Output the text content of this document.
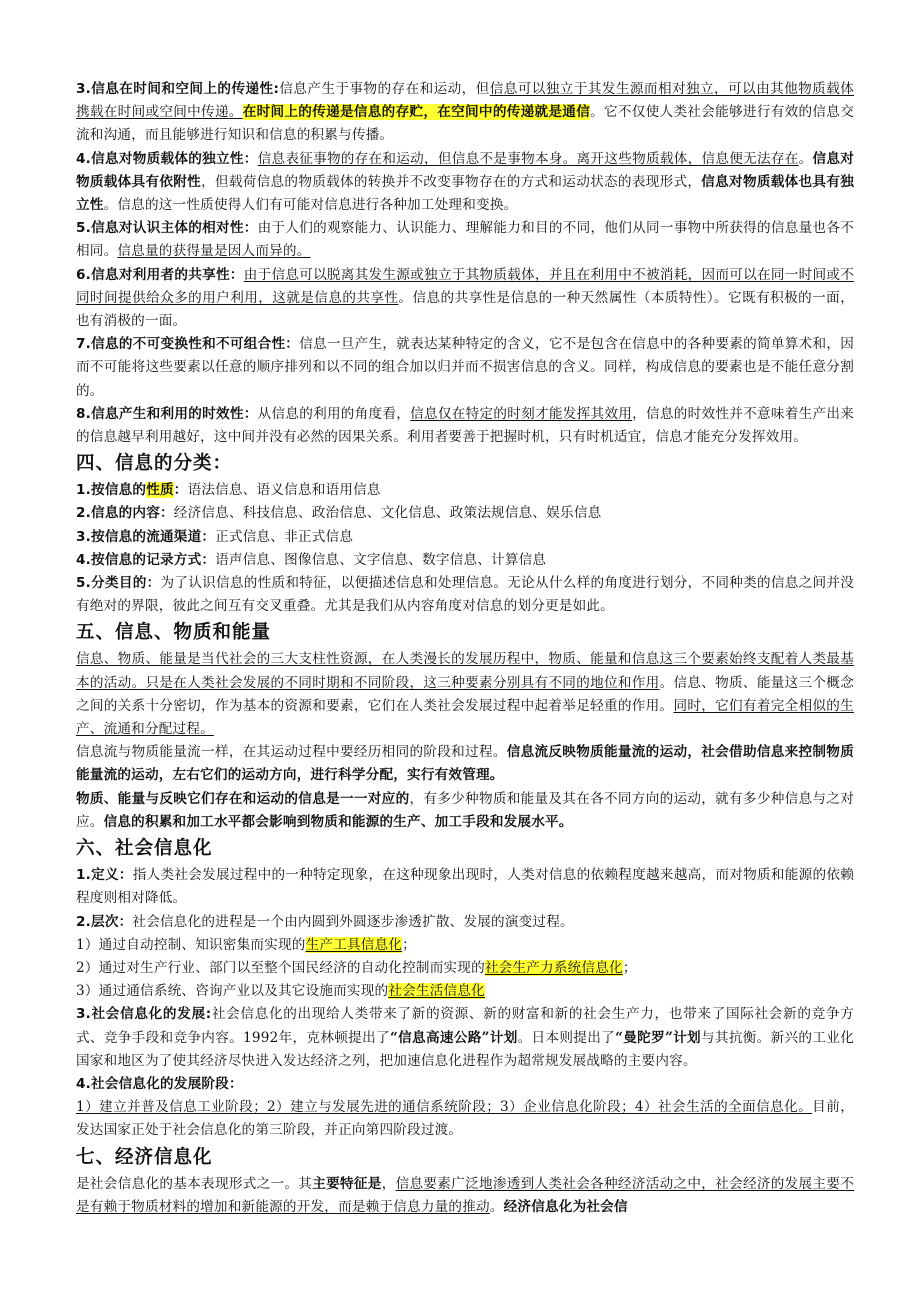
3.信息在时间和空间上的传递性:信息产生于事物的存在和运动，但信息可以独立于其发生源而相对独立，可以由其他物质载体携载在时间或空间中传递。在时间上的传递是信息的存贮，在空间中的传递就是通信。它不仅使人类社会能够进行有效的信息交流和沟通，而且能够进行知识和信息的积累与传播。

4.信息对物质载体的独立性：信息表征事物的存在和运动，但信息不是事物本身。离开这些物质载体，信息便无法存在。信息对物质载体具有依附性，但载荷信息的物质载体的转换并不改变事物存在的方式和运动状态的表现形式，信息对物质载体也具有独立性。信息的这一性质使得人们有可能对信息进行各种加工处理和变换。

5.信息对认识主体的相对性：由于人们的观察能力、认识能力、理解能力和目的不同，他们从同一事物中所获得的信息量也各不相同。信息量的获得量是因人而异的。

6.信息对利用者的共享性：由于信息可以脱离其发生源或独立于其物质载体，并且在利用中不被消耗，因而可以在同一时间或不同时间提供给众多的用户利用，这就是信息的共享性。信息的共享性是信息的一种天然属性（本质特性）。它既有积极的一面，也有消极的一面。

7.信息的不可变换性和不可组合性：信息一旦产生，就表达某种特定的含义，它不是包含在信息中的各种要素的简单算术和，因而不可能将这些要素以任意的顺序排列和以不同的组合加以归并而不损害信息的含义。同样，构成信息的要素也是不能任意分割的。

8.信息产生和利用的时效性：从信息的利用的角度看，信息仅在特定的时刻才能发挥其效用，信息的时效性并不意味着生产出来的信息越早利用越好，这中间并没有必然的因果关系。利用者要善于把握时机，只有时机适宜，信息才能充分发挥效用。

四、信息的分类：

1.按信息的性质：语法信息、语义信息和语用信息

2.信息的内容：经济信息、科技信息、政治信息、文化信息、政策法规信息、娱乐信息

3.按信息的流通渠道：正式信息、非正式信息

4.按信息的记录方式：语声信息、图像信息、文字信息、数字信息、计算信息

5.分类目的：为了认识信息的性质和特征，以便描述信息和处理信息。无论从什么样的角度进行划分，不同种类的信息之间并没有绝对的界限，彼此之间互有交叉重叠。尤其是我们从内容角度对信息的划分更是如此。

五、信息、物质和能量

信息、物质、能量是当代社会的三大支柱性资源，在人类漫长的发展历程中，物质、能量和信息这三个要素始终支配着人类最基本的活动。只是在人类社会发展的不同时期和不同阶段，这三种要素分别具有不同的地位和作用。信息、物质、能量这三个概念之间的关系十分密切，作为基本的资源和要素，它们在人类社会发展过程中起着举足轻重的作用。同时，它们有着完全相似的生产、流通和分配过程。

信息流与物质能量流一样，在其运动过程中要经历相同的阶段和过程。信息流反映物质能量流的运动，社会借助信息来控制物质能量流的运动，左右它们的运动方向，进行科学分配，实行有效管理。

物质、能量与反映它们存在和运动的信息是一一对应的，有多少种物质和能量及其在各不同方向的运动，就有多少种信息与之对应。信息的积累和加工水平都会影响到物质和能源的生产、加工手段和发展水平。

六、社会信息化

1.定义：指人类社会发展过程中的一种特定现象，在这种现象出现时，人类对信息的依赖程度越来越高，而对物质和能源的依赖程度则相对降低。

2.层次：社会信息化的进程是一个由内圆到外圆逐步渗透扩散、发展的演变过程。

1）通过自动控制、知识密集而实现的生产工具信息化；

2）通过对生产行业、部门以至整个国民经济的自动化控制而实现的社会生产力系统信息化；

3）通过通信系统、咨询产业以及其它设施而实现的社会生活信息化

3.社会信息化的发展:社会信息化的出现给人类带来了新的资源、新的财富和新的社会生产力，也带来了国际社会新的竞争方式、竞争手段和竞争内容。1992年，克林顿提出了“信息高速公路”计划。日本则提出了“曼陀罗”计划与其抗衡。新兴的工业化国家和地区为了使其经济尽快进入发达经济之列，把加速信息化进程作为超常规发展战略的主要内容。

4.社会信息化的发展阶段：

1）建立并普及信息工业阶段；2）建立与发展先进的通信系统阶段；3）企业信息化阶段；4）社会生活的全面信息化。目前，发达国家正处于社会信息化的第三阶段，并正向第四阶段过渡。

七、经济信息化

是社会信息化的基本表现形式之一。其主要特征是，信息要素广泛地渗透到人类社会各种经济活动之中，社会经济的发展主要不是有赖于物质材料的增加和新能源的开发，而是赖于信息力量的推动。经济信息化为社会信
